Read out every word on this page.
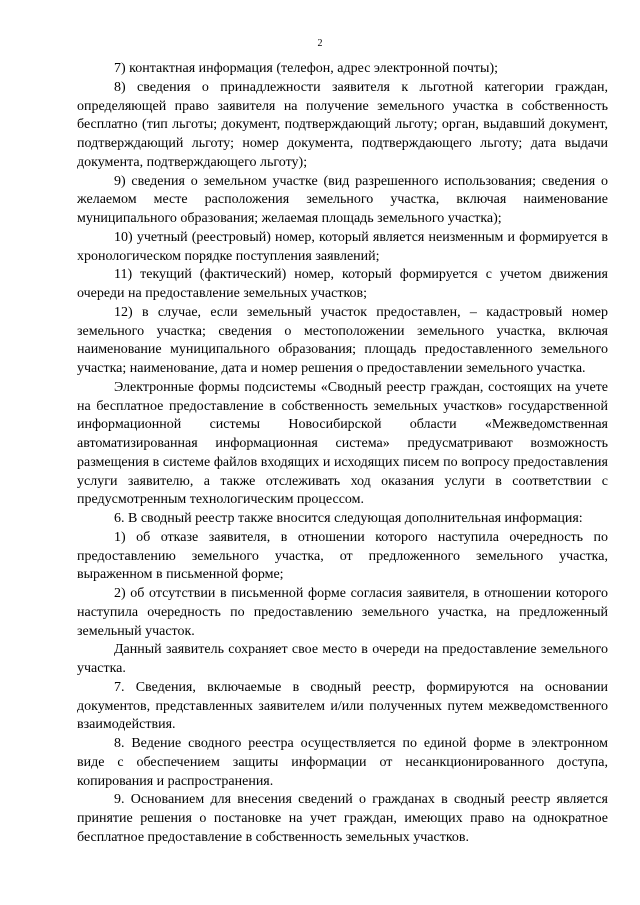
2

7) контактная информация (телефон, адрес электронной почты);

8) сведения о принадлежности заявителя к льготной категории граждан, определяющей право заявителя на получение земельного участка в собственность бесплатно (тип льготы; документ, подтверждающий льготу; орган, выдавший документ, подтверждающий льготу; номер документа, подтверждающего льготу; дата выдачи документа, подтверждающего льготу);

9) сведения о земельном участке (вид разрешенного использования; сведения о желаемом месте расположения земельного участка, включая наименование муниципального образования; желаемая площадь земельного участка);

10) учетный (реестровый) номер, который является неизменным и формируется в хронологическом порядке поступления заявлений;

11) текущий (фактический) номер, который формируется с учетом движения очереди на предоставление земельных участков;

12) в случае, если земельный участок предоставлен, – кадастровый номер земельного участка; сведения о местоположении земельного участка, включая наименование муниципального образования; площадь предоставленного земельного участка; наименование, дата и номер решения о предоставлении земельного участка.

Электронные формы подсистемы «Сводный реестр граждан, состоящих на учете на бесплатное предоставление в собственность земельных участков» государственной информационной системы Новосибирской области «Межведомственная автоматизированная информационная система» предусматривают возможность размещения в системе файлов входящих и исходящих писем по вопросу предоставления услуги заявителю, а также отслеживать ход оказания услуги в соответствии с предусмотренным технологическим процессом.

6. В сводный реестр также вносится следующая дополнительная информация:

1) об отказе заявителя, в отношении которого наступила очередность по предоставлению земельного участка, от предложенного земельного участка, выраженном в письменной форме;

2) об отсутствии в письменной форме согласия заявителя, в отношении которого наступила очередность по предоставлению земельного участка, на предложенный земельный участок.

Данный заявитель сохраняет свое место в очереди на предоставление земельного участка.

7. Сведения, включаемые в сводный реестр, формируются на основании документов, представленных заявителем и/или полученных путем межведомственного взаимодействия.

8. Ведение сводного реестра осуществляется по единой форме в электронном виде с обеспечением защиты информации от несанкционированного доступа, копирования и распространения.

9. Основанием для внесения сведений о гражданах в сводный реестр является принятие решения о постановке на учет граждан, имеющих право на однократное бесплатное предоставление в собственность земельных участков.
